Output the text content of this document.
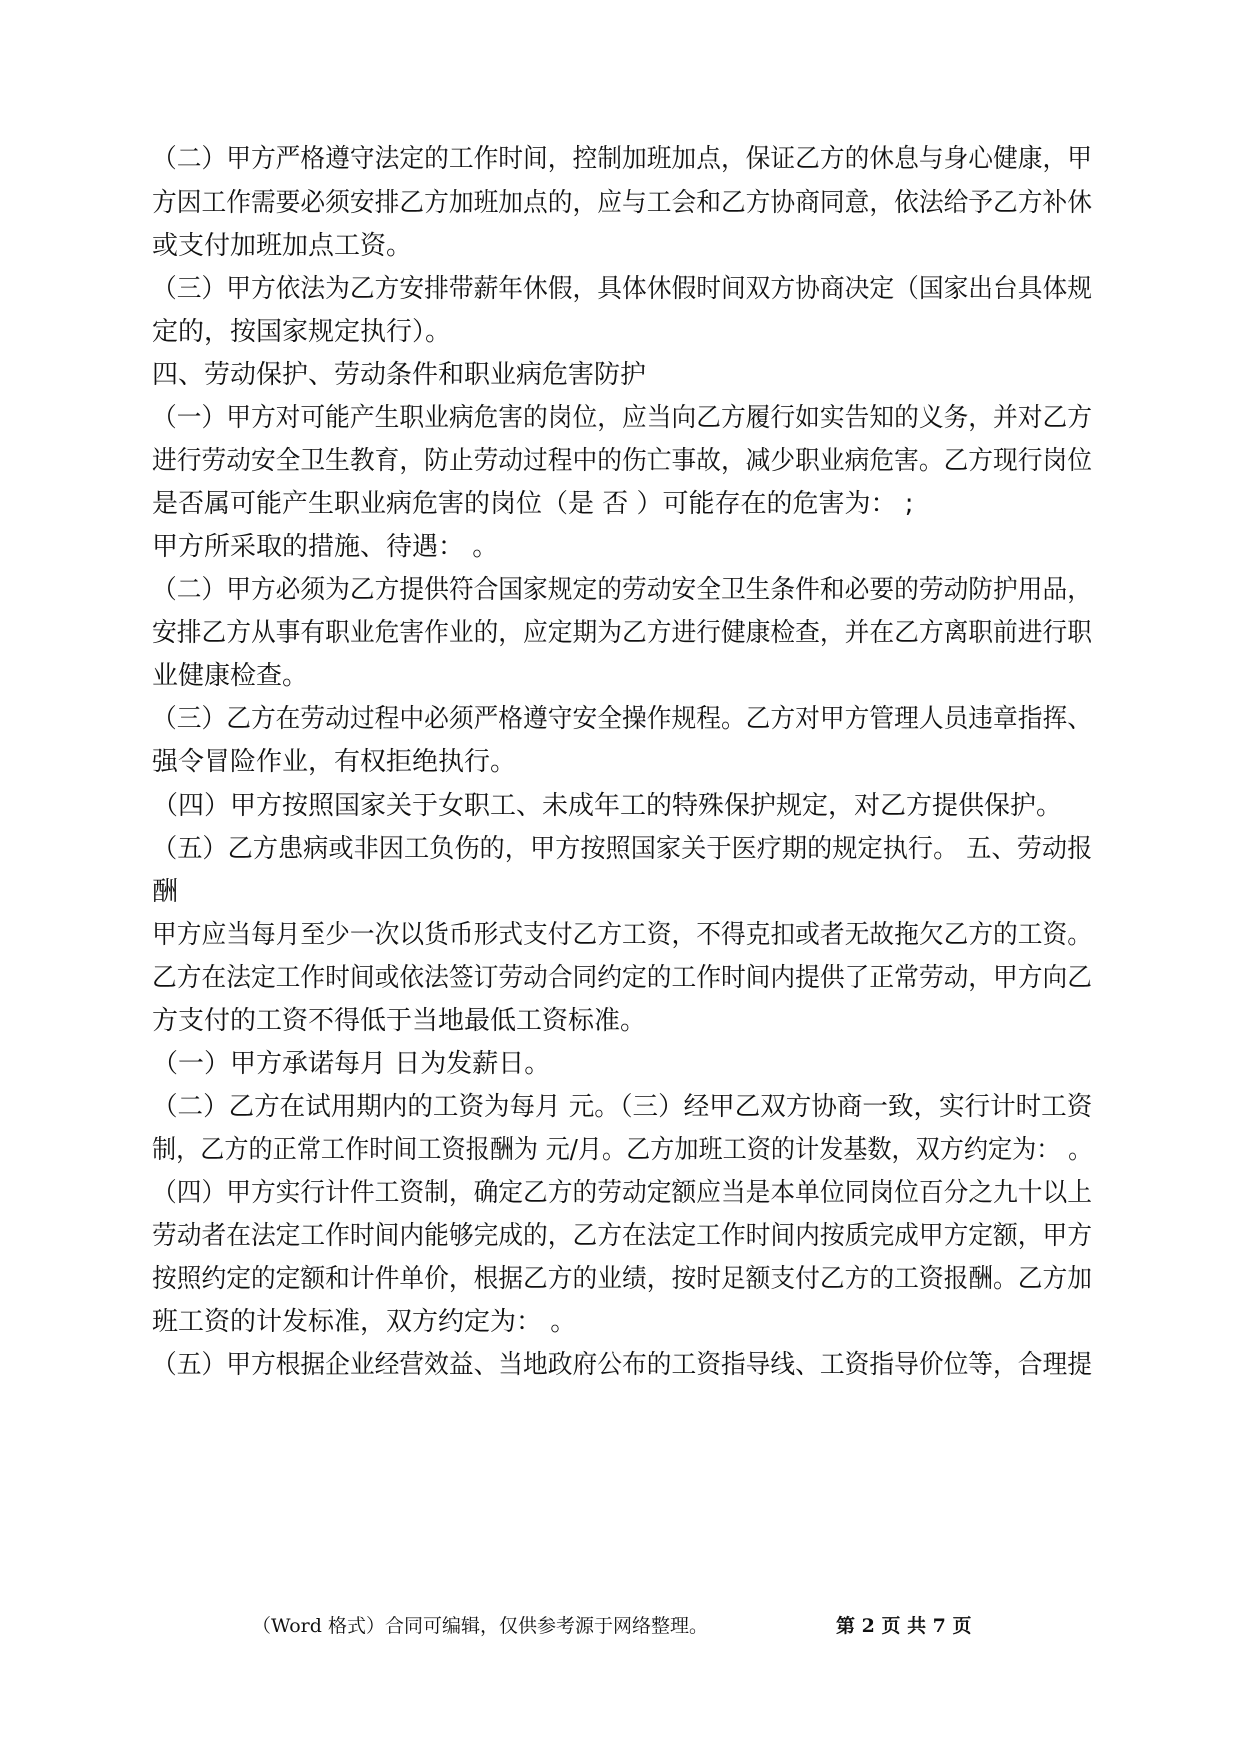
（二）甲方严格遵守法定的工作时间，控制加班加点，保证乙方的休息与身心健康，甲
方因工作需要必须安排乙方加班加点的，应与工会和乙方协商同意，依法给予乙方补休
或支付加班加点工资。
（三）甲方依法为乙方安排带薪年休假，具体休假时间双方协商决定（国家出台具体规
定的，按国家规定执行）。
四、劳动保护、劳动条件和职业病危害防护
（一）甲方对可能产生职业病危害的岗位，应当向乙方履行如实告知的义务，并对乙方
进行劳动安全卫生教育，防止劳动过程中的伤亡事故，减少职业病危害。乙方现行岗位
是否属可能产生职业病危害的岗位（是 否 ）可能存在的危害为： ;
甲方所采取的措施、待遇： 。
（二）甲方必须为乙方提供符合国家规定的劳动安全卫生条件和必要的劳动防护用品，
安排乙方从事有职业危害作业的，应定期为乙方进行健康检查，并在乙方离职前进行职
业健康检查。
（三）乙方在劳动过程中必须严格遵守安全操作规程。乙方对甲方管理人员违章指挥、
强令冒险作业，有权拒绝执行。
（四）甲方按照国家关于女职工、未成年工的特殊保护规定，对乙方提供保护。
（五）乙方患病或非因工负伤的，甲方按照国家关于医疗期的规定执行。 五、劳动报
酬
甲方应当每月至少一次以货币形式支付乙方工资，不得克扣或者无故拖欠乙方的工资。
乙方在法定工作时间或依法签订劳动合同约定的工作时间内提供了正常劳动，甲方向乙
方支付的工资不得低于当地最低工资标准。
（一）甲方承诺每月 日为发薪日。
（二）乙方在试用期内的工资为每月 元。（三）经甲乙双方协商一致，实行计时工资
制，乙方的正常工作时间工资报酬为 元/月。乙方加班工资的计发基数，双方约定为： 。
（四）甲方实行计件工资制，确定乙方的劳动定额应当是本单位同岗位百分之九十以上
劳动者在法定工作时间内能够完成的，乙方在法定工作时间内按质完成甲方定额，甲方
按照约定的定额和计件单价，根据乙方的业绩，按时足额支付乙方的工资报酬。乙方加
班工资的计发标准，双方约定为： 。
（五）甲方根据企业经营效益、当地政府公布的工资指导线、工资指导价位等，合理提
（Word 格式）合同可编辑，仅供参考源于网络整理。	第 2 页 共 7 页
